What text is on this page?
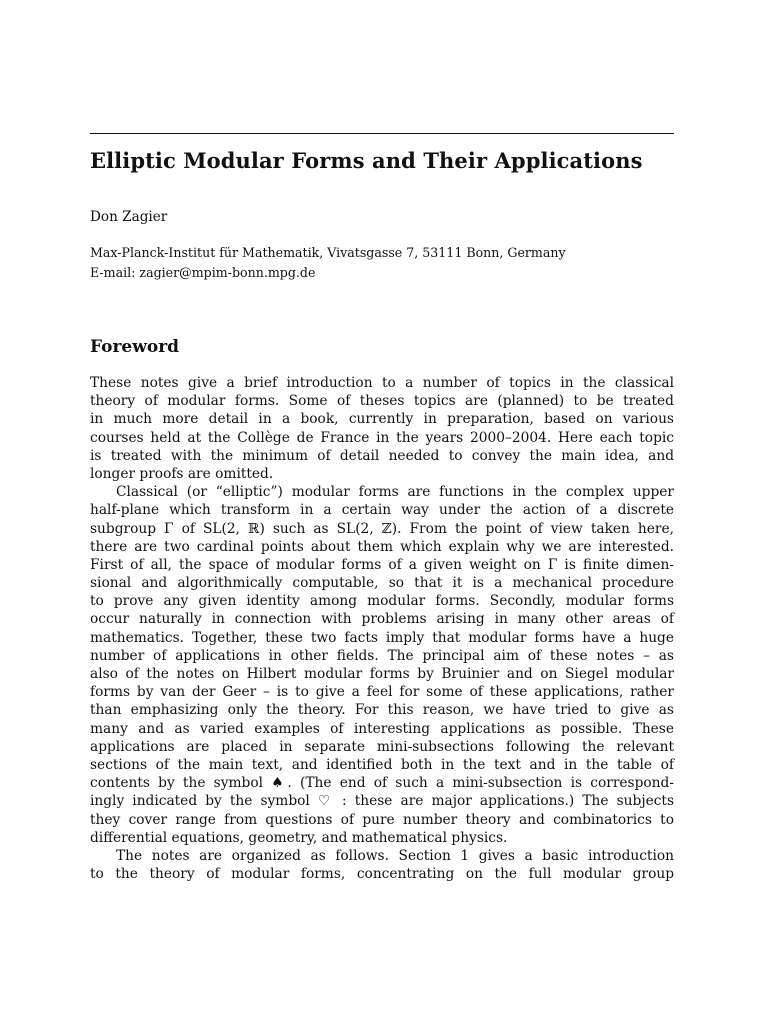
Elliptic Modular Forms and Their Applications
Don Zagier
Max-Planck-Institut für Mathematik, Vivatsgasse 7, 53111 Bonn, Germany
E-mail: zagier@mpim-bonn.mpg.de
Foreword
These notes give a brief introduction to a number of topics in the classical
theory of modular forms. Some of theses topics are (planned) to be treated
in much more detail in a book, currently in preparation, based on various
courses held at the Collège de France in the years 2000–2004. Here each topic
is treated with the minimum of detail needed to convey the main idea, and
longer proofs are omitted.
Classical (or “elliptic”) modular forms are functions in the complex upper
half-plane which transform in a certain way under the action of a discrete
subgroup Γ of SL(2, ℝ) such as SL(2, ℤ). From the point of view taken here,
there are two cardinal points about them which explain why we are interested.
First of all, the space of modular forms of a given weight on Γ is finite dimen-
sional and algorithmically computable, so that it is a mechanical procedure
to prove any given identity among modular forms. Secondly, modular forms
occur naturally in connection with problems arising in many other areas of
mathematics. Together, these two facts imply that modular forms have a huge
number of applications in other fields. The principal aim of these notes – as
also of the notes on Hilbert modular forms by Bruinier and on Siegel modular
forms by van der Geer – is to give a feel for some of these applications, rather
than emphasizing only the theory. For this reason, we have tried to give as
many and as varied examples of interesting applications as possible. These
applications are placed in separate mini-subsections following the relevant
sections of the main text, and identified both in the text and in the table of
contents by the symbol ♠. (The end of such a mini-subsection is correspond-
ingly indicated by the symbol ♡ : these are major applications.) The subjects
they cover range from questions of pure number theory and combinatorics to
differential equations, geometry, and mathematical physics.
The notes are organized as follows. Section 1 gives a basic introduction
to the theory of modular forms, concentrating on the full modular group
